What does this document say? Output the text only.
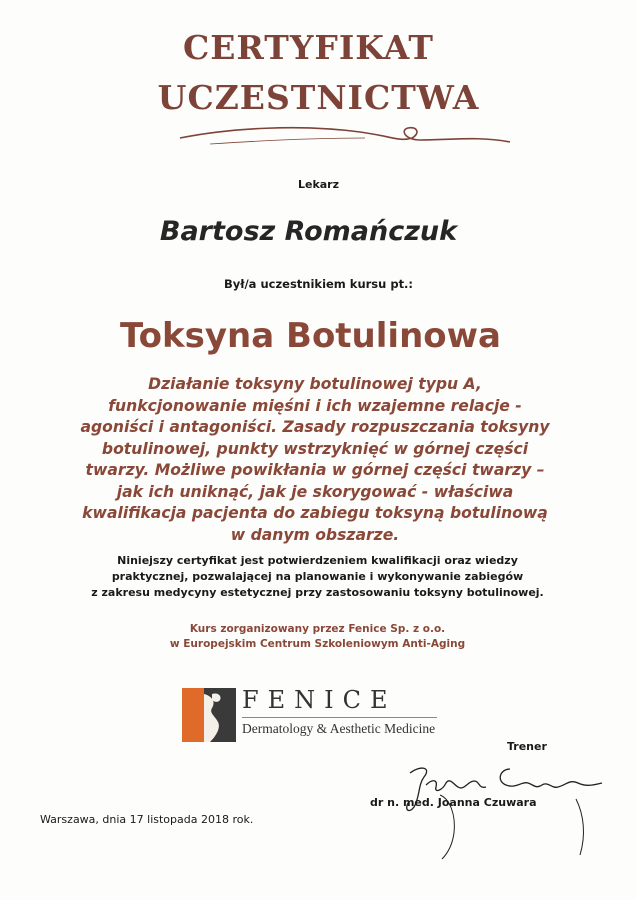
CERTYFIKAT
UCZESTNICTWA
Lekarz
Bartosz Romańczuk
Był/a uczestnikiem kursu pt.:
Toksyna Botulinowa
Działanie toksyny botulinowej typu A,
funkcjonowanie mięśni i ich wzajemne relacje -
agoniści i antagoniści. Zasady rozpuszczania toksyny
botulinowej, punkty wstrzyknięć w górnej części
twarzy. Możliwe powikłania w górnej części twarzy –
jak ich uniknąć, jak je skorygować - właściwa
kwalifikacja pacjenta do zabiegu toksyną botulinową
w danym obszarze.
Niniejszy certyfikat jest potwierdzeniem kwalifikacji oraz wiedzy
praktycznej, pozwalającej na planowanie i wykonywanie zabiegów
z zakresu medycyny estetycznej przy zastosowaniu toksyny botulinowej.
Kurs zorganizowany przez Fenice Sp. z o.o.
w Europejskim Centrum Szkoleniowym Anti-Aging
FENICE
Dermatology & Aesthetic Medicine
Trener
dr n. med. Joanna Czuwara
Warszawa, dnia 17 listopada 2018 rok.
